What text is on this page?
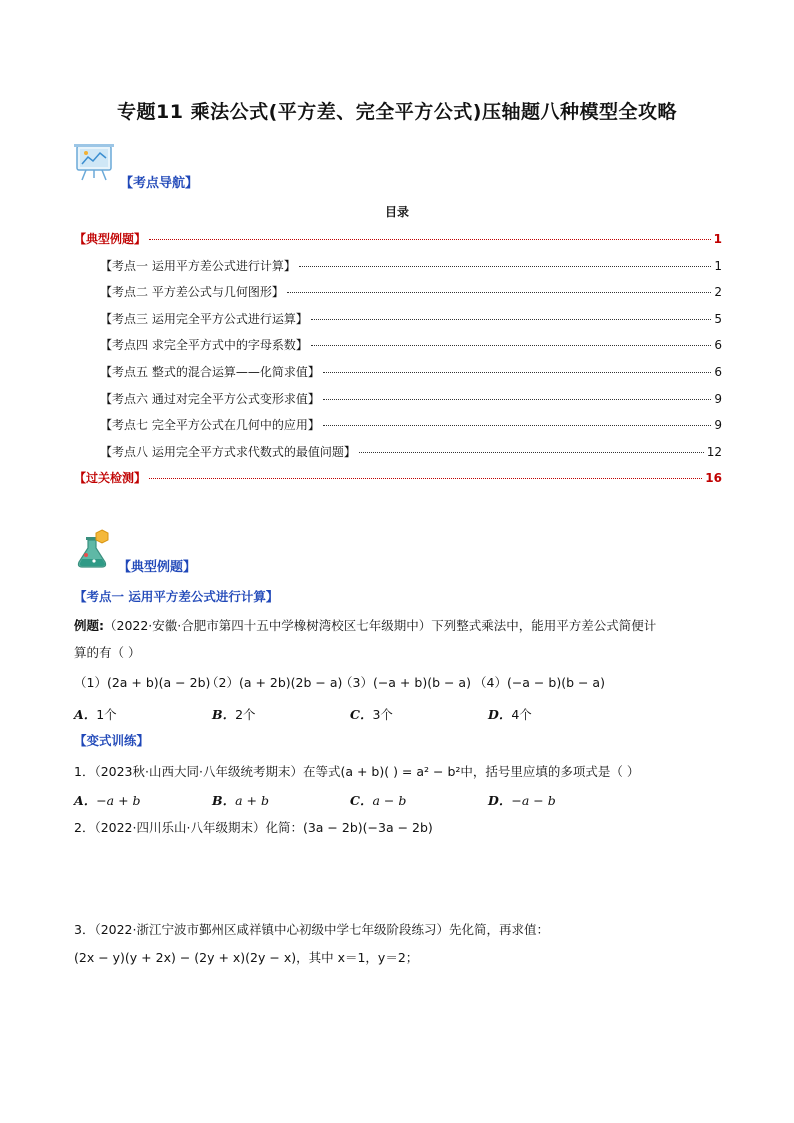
专题11 乘法公式(平方差、完全平方公式)压轴题八种模型全攻略
【考点导航】
目录
【典型例题】	1
【考点一 运用平方差公式进行计算】	1
【考点二 平方差公式与几何图形】	2
【考点三 运用完全平方公式进行运算】	5
【考点四 求完全平方式中的字母系数】	6
【考点五 整式的混合运算——化简求值】	6
【考点六 通过对完全平方公式变形求值】	9
【考点七 完全平方公式在几何中的应用】	9
【考点八 运用完全平方式求代数式的最值问题】	12
【过关检测】	16
【典型例题】
【考点一 运用平方差公式进行计算】
例题:（2022·安徽·合肥市第四十五中学橡树湾校区七年级期中）下列整式乘法中，能用平方差公式简便计
算的有（ ）
（1）(2a + b)(a − 2b)
（2）(a + 2b)(2b − a)
（3）(−a + b)(b − a) （4）(−a − b)(b − a)
A．1个	B．2个	C．3个	D．4个
【变式训练】
1．（2023秋·山西大同·八年级统考期末）在等式(a + b)( ) = a² − b²中，括号里应填的多项式是（ ）
A．−a + b	B．a + b	C．a − b	D．−a − b
2．（2022·四川乐山·八年级期末）化简：(3a − 2b)(−3a − 2b)
3．（2022·浙江宁波市鄞州区咸祥镇中心初级中学七年级阶段练习）先化简，再求值：
(2x − y)(y + 2x) − (2y + x)(2y − x)，其中 x＝1，y＝2；
